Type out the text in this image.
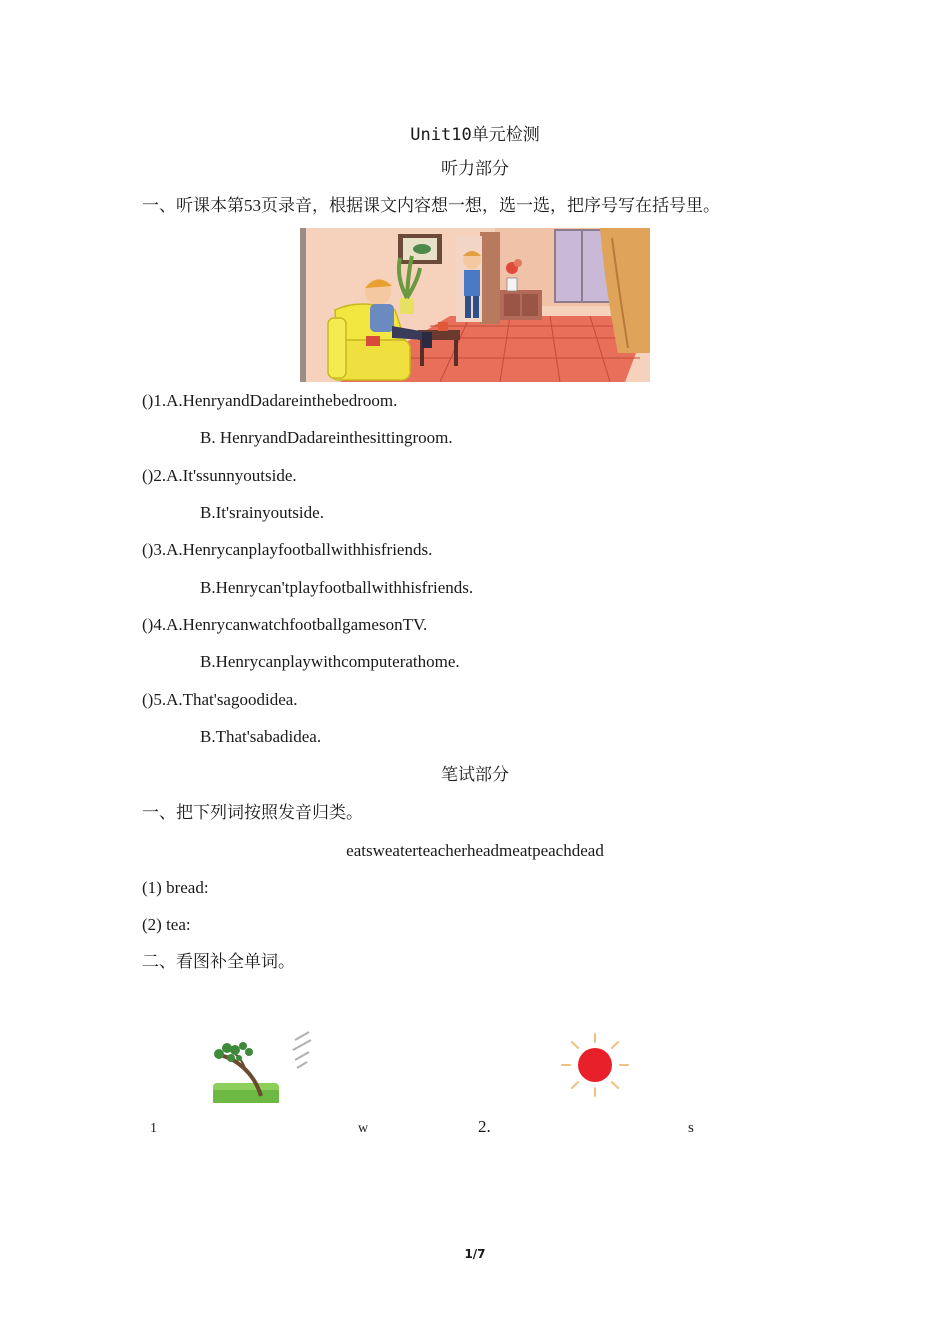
Unit10单元检测
听力部分
一、听课本第53页录音，根据课文内容想一想，选一选，把序号写在括号里。
()1.A.HenryandDadareinthebedroom.
B. HenryandDadareinthesittingroom.
()2.A.It'ssunnyoutside.
B.It'srainyoutside.
()3.A.Henrycanplayfootballwithhisfriends.
B.Henrycan'tplayfootballwithhisfriends.
()4.A.HenrycanwatchfootballgamesonTV.
B.Henrycanplaywithcomputerathome.
()5.A.That'sagoodidea.
B.That'sabadidea.
笔试部分
一、把下列词按照发音归类。
eatsweaterteacherheadmeatpeachdead
(1) bread:
(2) tea:
二、看图补全单词。
1	w	2.	s
1/7
